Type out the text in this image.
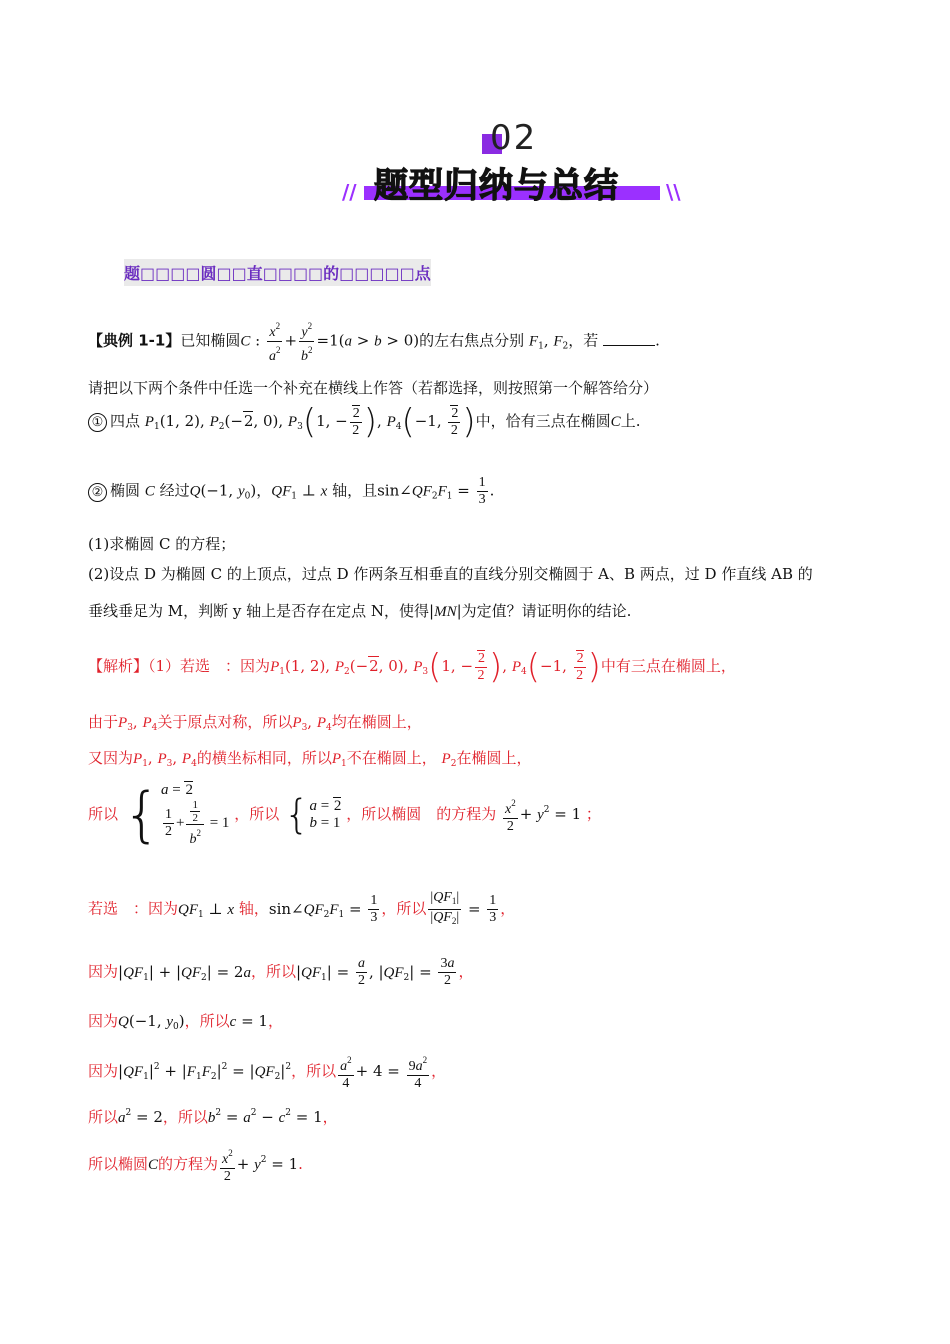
02
题型归纳与总结
//	\\
题□□□□圆□□直□□□□的□□□□□点
【典例 1-1】已知椭圆C : $\frac{x^2}{a^2} + \frac{y^2}{b^2} =1(a > b > 0)$的左右焦点分别 $F_1$, $F_2$，若	.
请把以下两个条件中任选一个补充在横线上作答（若都选择，则按照第一个解答给分）
① 四点 $P_1(1$, 2), $P_2(-2$, 0), $P_3(1$, − $\frac{2}{2}$ ), $P_4(-1$, $\frac{2}{2}$ )中，恰有三点在椭圆C上.
② 椭圆 C 经过Q(−1, $y_0$)，$QF_1$ ⊥ x 轴，且$\sin\angle QF_2F_1 = \frac{1}{3}$ .
(1)求椭圆 C 的方程；
(2)设点 D 为椭圆 C 的上顶点，过点 D 作两条互相垂直的直线分别交椭圆于 A、B 两点，过 D 作直线 AB 的
垂线垂足为 M，判断 y 轴上是否存在定点 N，使得|MN|为定值？请证明你的结论.
【解析】（1）若选　：因为$P_1(1$, 2), $P_2(-2$, 0), $P_3(1$, − $\frac{2}{2}$ ), $P_4(-1$, $\frac{2}{2}$ )中有三点在椭圆上，
由于$P_3$, $P_4$关于原点对称，所以$P_3$, $P_4$均在椭圆上，
又因为$P_1$, $P_3$, $P_4$的横坐标相同，所以$P_1$不在椭圆上， $P_2$在椭圆上，
所以 { a = 2
$\frac{1}{2} + \frac{\frac{1}{2}}{b^2} = 1$ ，所以 { a = 2
b = 1 ，所以椭圆　的方程为 $\frac{x^2}{2} + y^2 = 1$ ；
若选　：因为$QF_1$ ⊥ x 轴，$\sin\angle QF_2F_1 = \frac{1}{3}$ ，所以 $\frac{|QF_1|}{|QF_2|} = \frac{1}{3}$ ，
因为$|QF_1| + |QF_2| = 2a$，所以$|QF_1| = \frac{a}{2}$ , $|QF_2| = \frac{3a}{2}$ ，
因为Q(−1, $y_0$)，所以c = 1，
因为$|QF_1|^2 + |F_1F_2|^2 = |QF_2|^2$，所以 $\frac{a^2}{4} + 4 = \frac{9a^2}{4}$ ，
所以$a^2 = 2$，所以$b^2 = a^2 - c^2 = 1$，
所以椭圆C的方程为 $\frac{x^2}{2} + y^2 = 1$.
